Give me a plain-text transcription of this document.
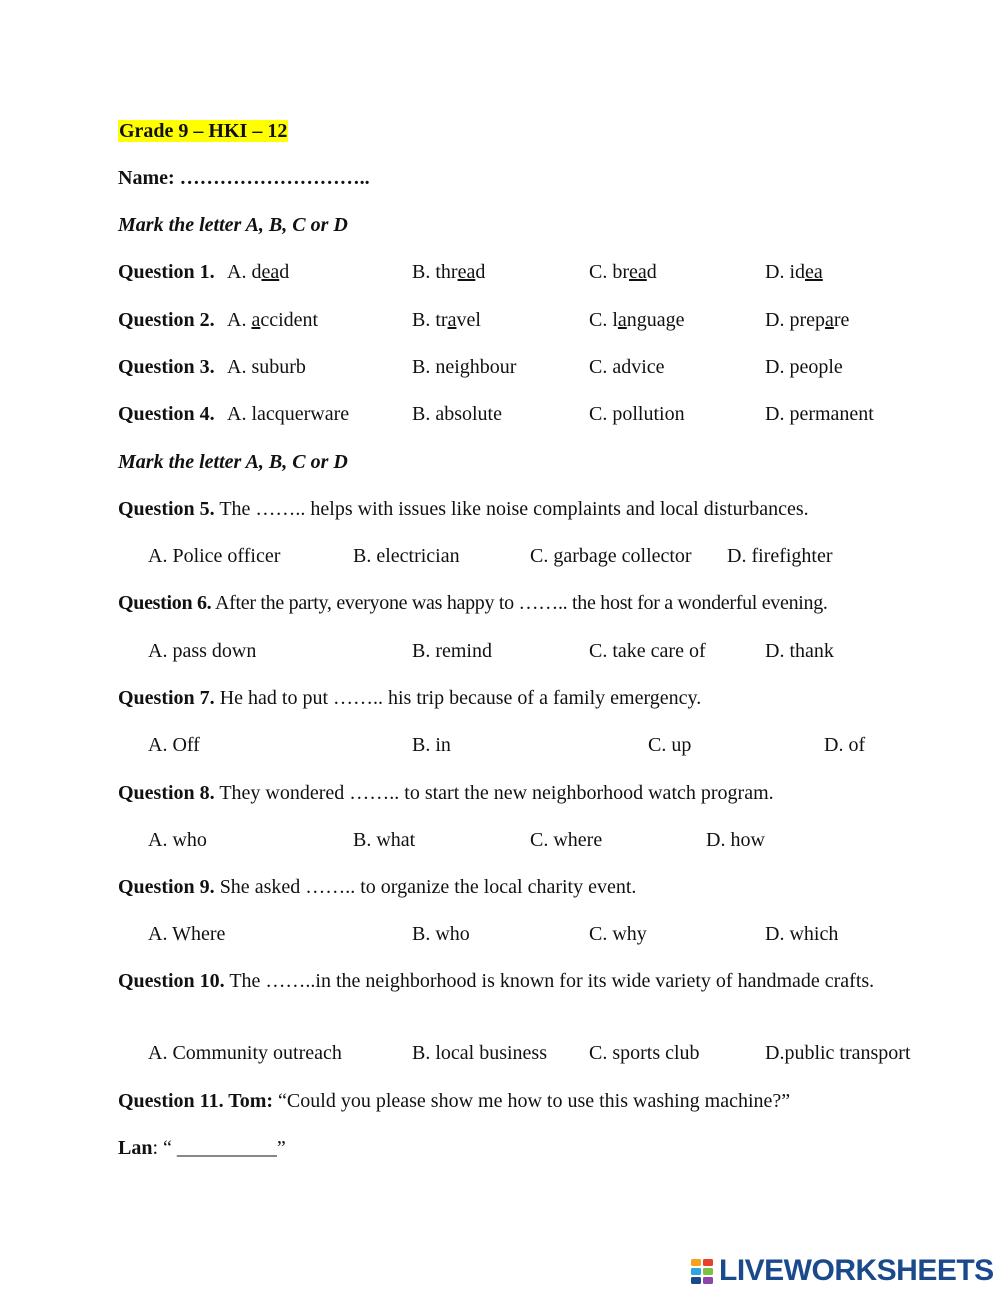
Grade 9 – HKI – 12
Name: ………………………..
Mark the letter A, B, C or D
Question 1. A. dead	B. thread	C. bread	D. idea
Question 2. A. accident	B. travel	C. language	D. prepare
Question 3. A. suburb	B. neighbour	C. advice	D. people
Question 4. A. lacquerware	B. absolute	C. pollution	D. permanent
Mark the letter A, B, C or D
Question 5. The …….. helps with issues like noise complaints and local disturbances.
A. Police officer	B. electrician	C. garbage collector D. firefighter
Question 6. After the party, everyone was happy to …….. the host for a wonderful evening.
A. pass down	B. remind	C. take care of	D. thank
Question 7. He had to put …….. his trip because of a family emergency.
A. Off	B. in	C. up	D. of
Question 8. They wondered …….. to start the new neighborhood watch program.
A. who	B. what	C. where	D. how
Question 9. She asked …….. to organize the local charity event.
A. Where	B. who	C. why	D. which
Question 10. The ……..in the neighborhood is known for its wide variety of handmade crafts.
A. Community outreach	B. local business C. sports club	D.public transport
Question 11. Tom: “Could you please show me how to use this washing machine?”
Lan: “ __________”
LIVEWORKSHEETS
